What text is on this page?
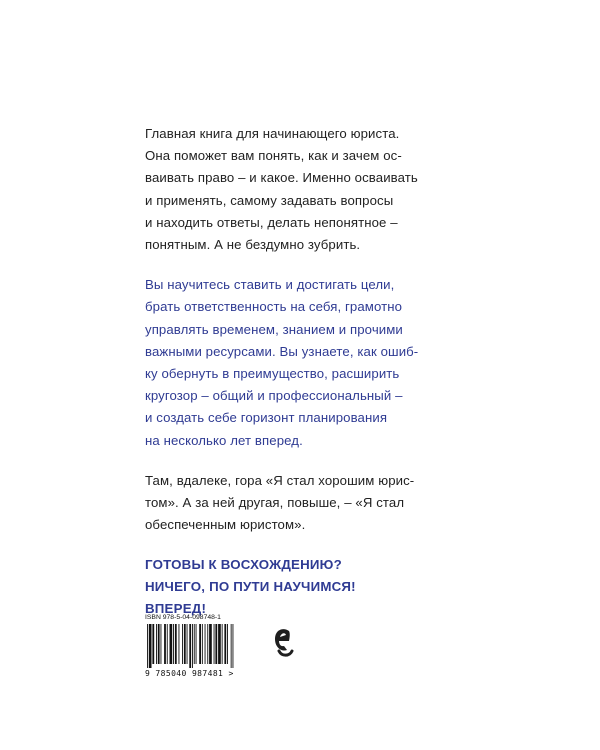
Главная книга для начинающего юриста.
Она поможет вам понять, как и зачем ос-
ваивать право – и какое. Именно осваивать
и применять, самому задавать вопросы
и находить ответы, делать непонятное –
понятным. А не бездумно зубрить.

Вы научитесь ставить и достигать цели,
брать ответственность на себя, грамотно
управлять временем, знанием и прочими
важными ресурсами. Вы узнаете, как ошиб-
ку обернуть в преимущество, расширить
кругозор – общий и профессиональный –
и создать себе горизонт планирования
на несколько лет вперед.

Там, вдалеке, гора «Я стал хорошим юрис-
том». А за ней другая, повыше, – «Я стал
обеспеченным юристом».

ГОТОВЫ К ВОСХОЖДЕНИЮ?
НИЧЕГО, ПО ПУТИ НАУЧИМСЯ!
ВПЕРЕД!

ISBN 978-5-04-098748-1
9 785040 987481 >
